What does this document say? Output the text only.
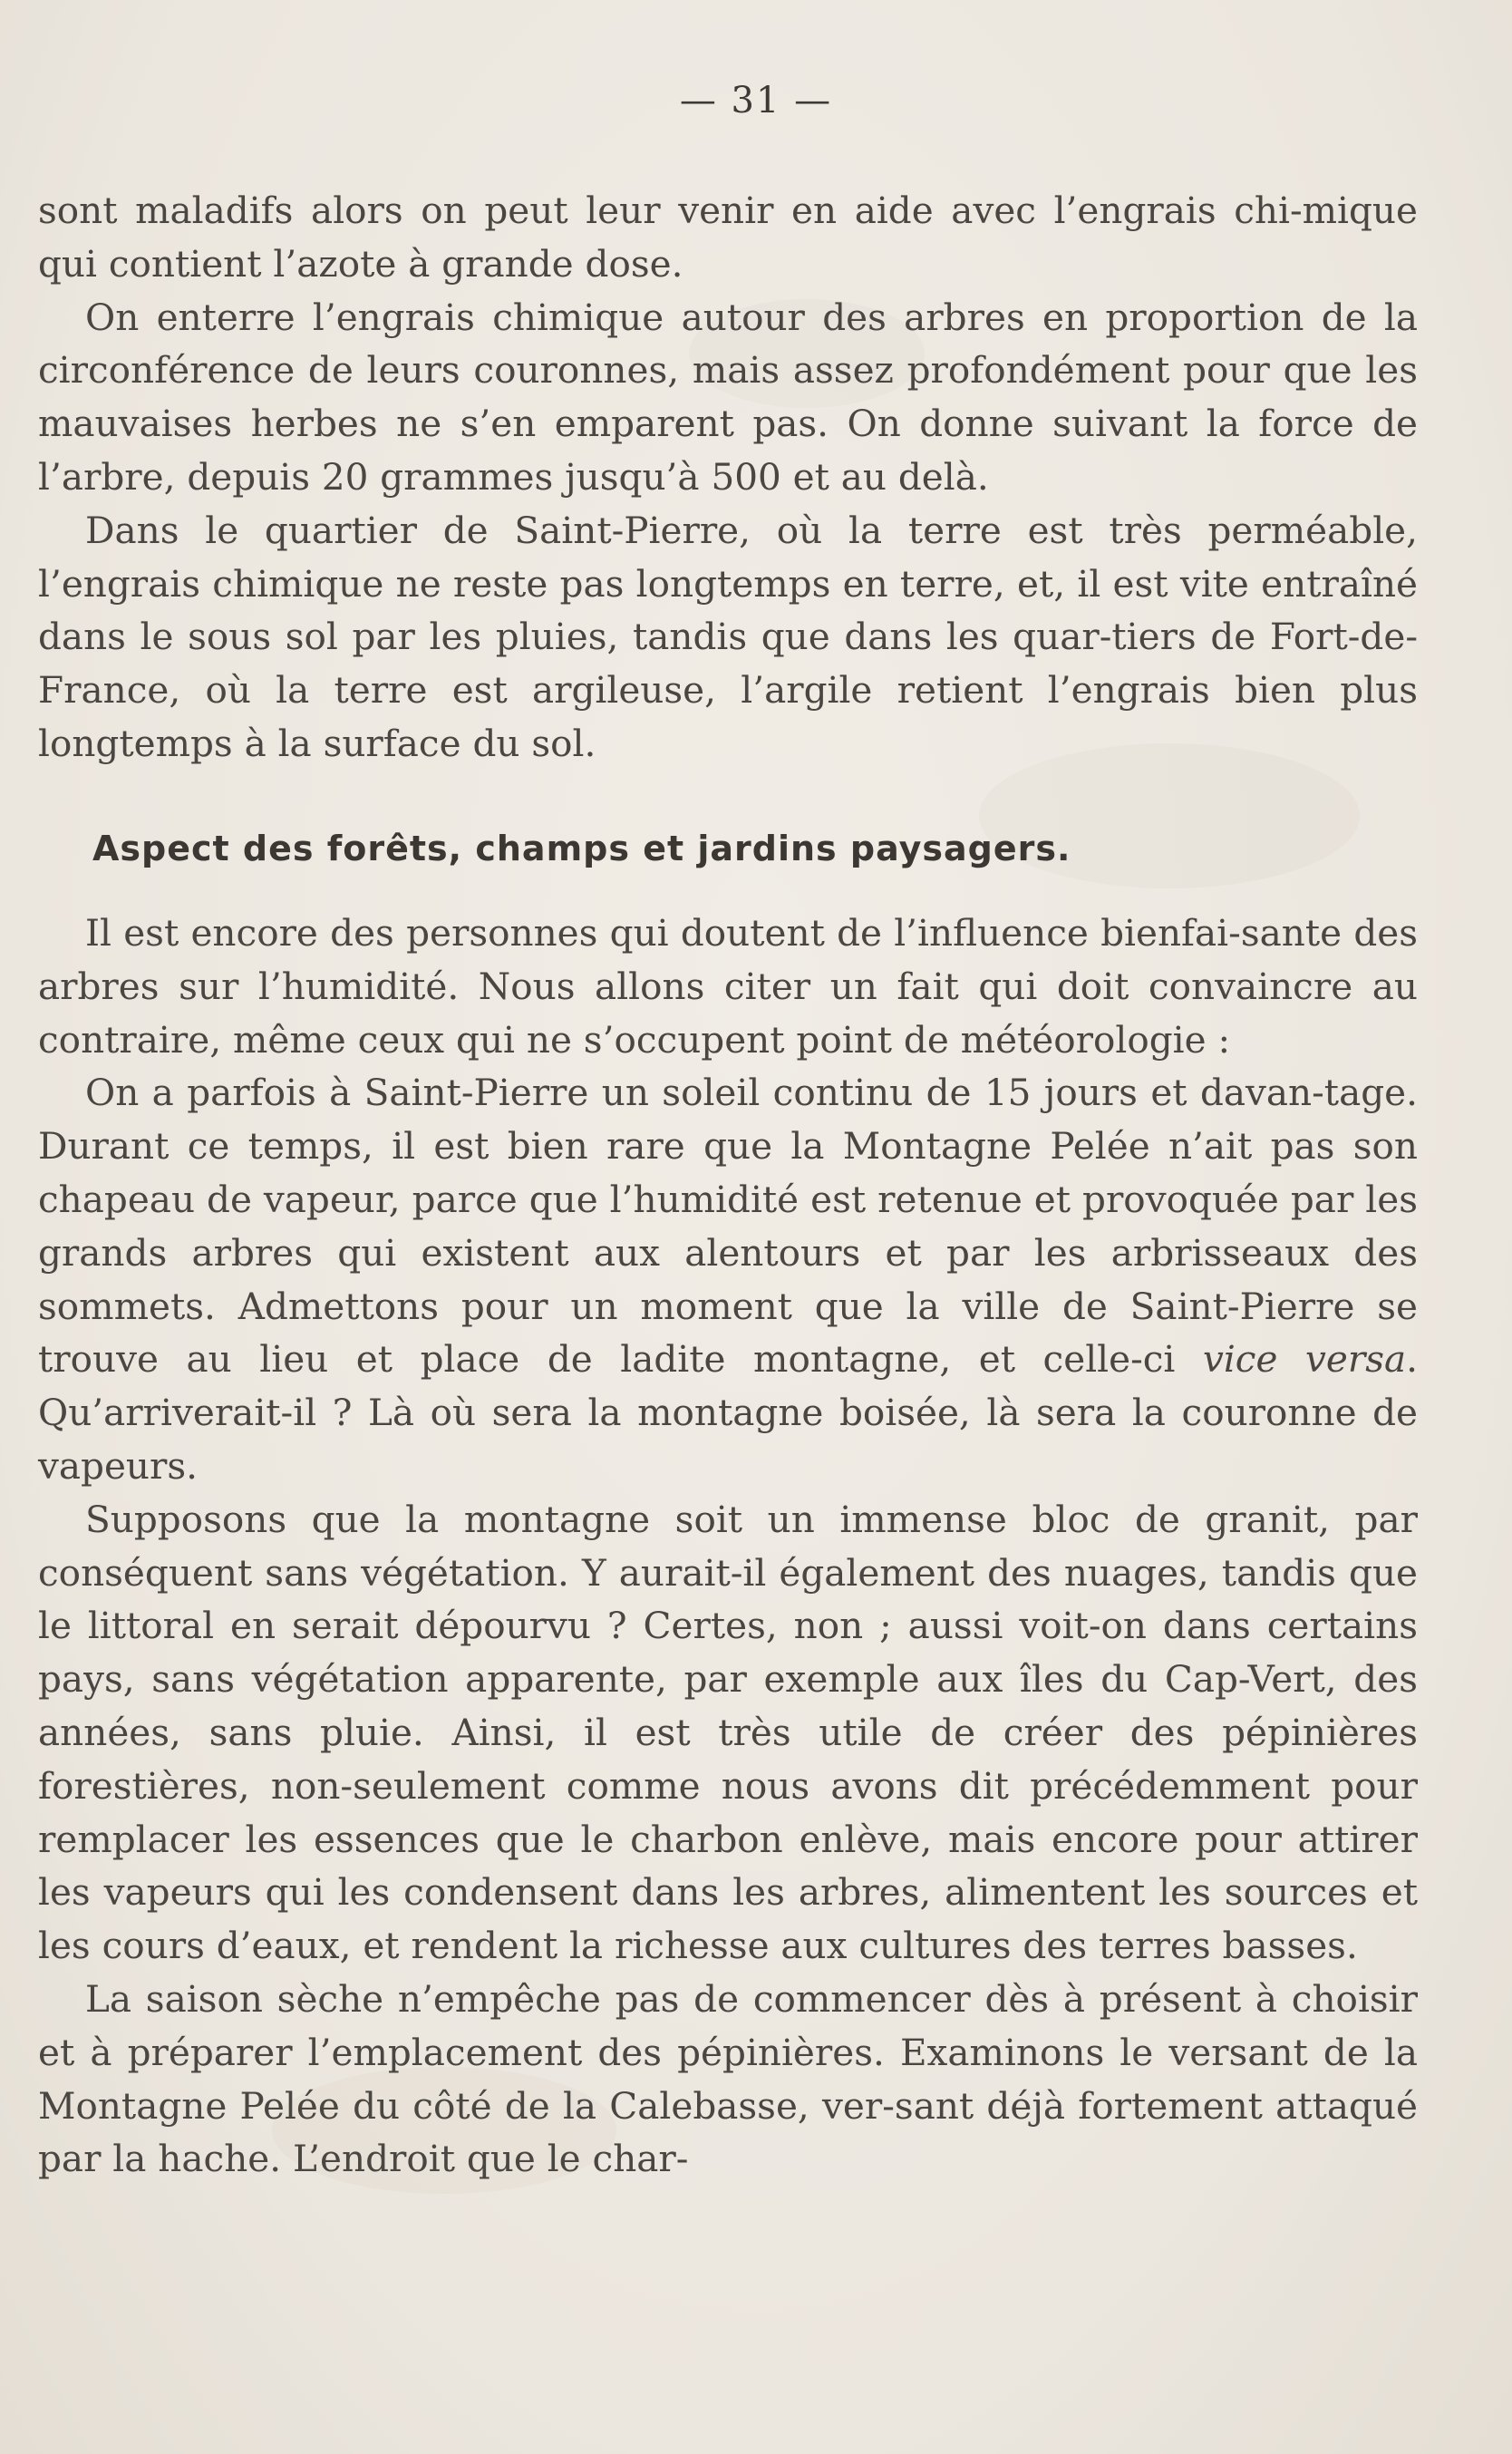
— 31 —

sont maladifs alors on peut leur venir en aide avec l’engrais chi-mique qui contient l’azote à grande dose.

On enterre l’engrais chimique autour des arbres en proportion de la circonférence de leurs couronnes, mais assez profondément pour que les mauvaises herbes ne s’en emparent pas. On donne suivant la force de l’arbre, depuis 20 grammes jusqu’à 500 et au delà.

Dans le quartier de Saint-Pierre, où la terre est très perméable, l’engrais chimique ne reste pas longtemps en terre, et, il est vite entraîné dans le sous sol par les pluies, tandis que dans les quar-tiers de Fort-de-France, où la terre est argileuse, l’argile retient l’engrais bien plus longtemps à la surface du sol.

Aspect des forêts, champs et jardins paysagers.

Il est encore des personnes qui doutent de l’influence bienfai-sante des arbres sur l’humidité. Nous allons citer un fait qui doit convaincre au contraire, même ceux qui ne s’occupent point de météorologie :

On a parfois à Saint-Pierre un soleil continu de 15 jours et davan-tage. Durant ce temps, il est bien rare que la Montagne Pelée n’ait pas son chapeau de vapeur, parce que l’humidité est retenue et provoquée par les grands arbres qui existent aux alentours et par les arbrisseaux des sommets. Admettons pour un moment que la ville de Saint-Pierre se trouve au lieu et place de ladite montagne, et celle-ci vice versa. Qu’arriverait-il ? Là où sera la montagne boisée, là sera la couronne de vapeurs.

Supposons que la montagne soit un immense bloc de granit, par conséquent sans végétation. Y aurait-il également des nuages, tandis que le littoral en serait dépourvu ? Certes, non ; aussi voit-on dans certains pays, sans végétation apparente, par exemple aux îles du Cap-Vert, des années, sans pluie. Ainsi, il est très utile de créer des pépinières forestières, non-seulement comme nous avons dit précédemment pour remplacer les essences que le charbon enlève, mais encore pour attirer les vapeurs qui les condensent dans les arbres, alimentent les sources et les cours d’eaux, et rendent la richesse aux cultures des terres basses.

La saison sèche n’empêche pas de commencer dès à présent à choisir et à préparer l’emplacement des pépinières. Examinons le versant de la Montagne Pelée du côté de la Calebasse, ver-sant déjà fortement attaqué par la hache. L’endroit que le char-
